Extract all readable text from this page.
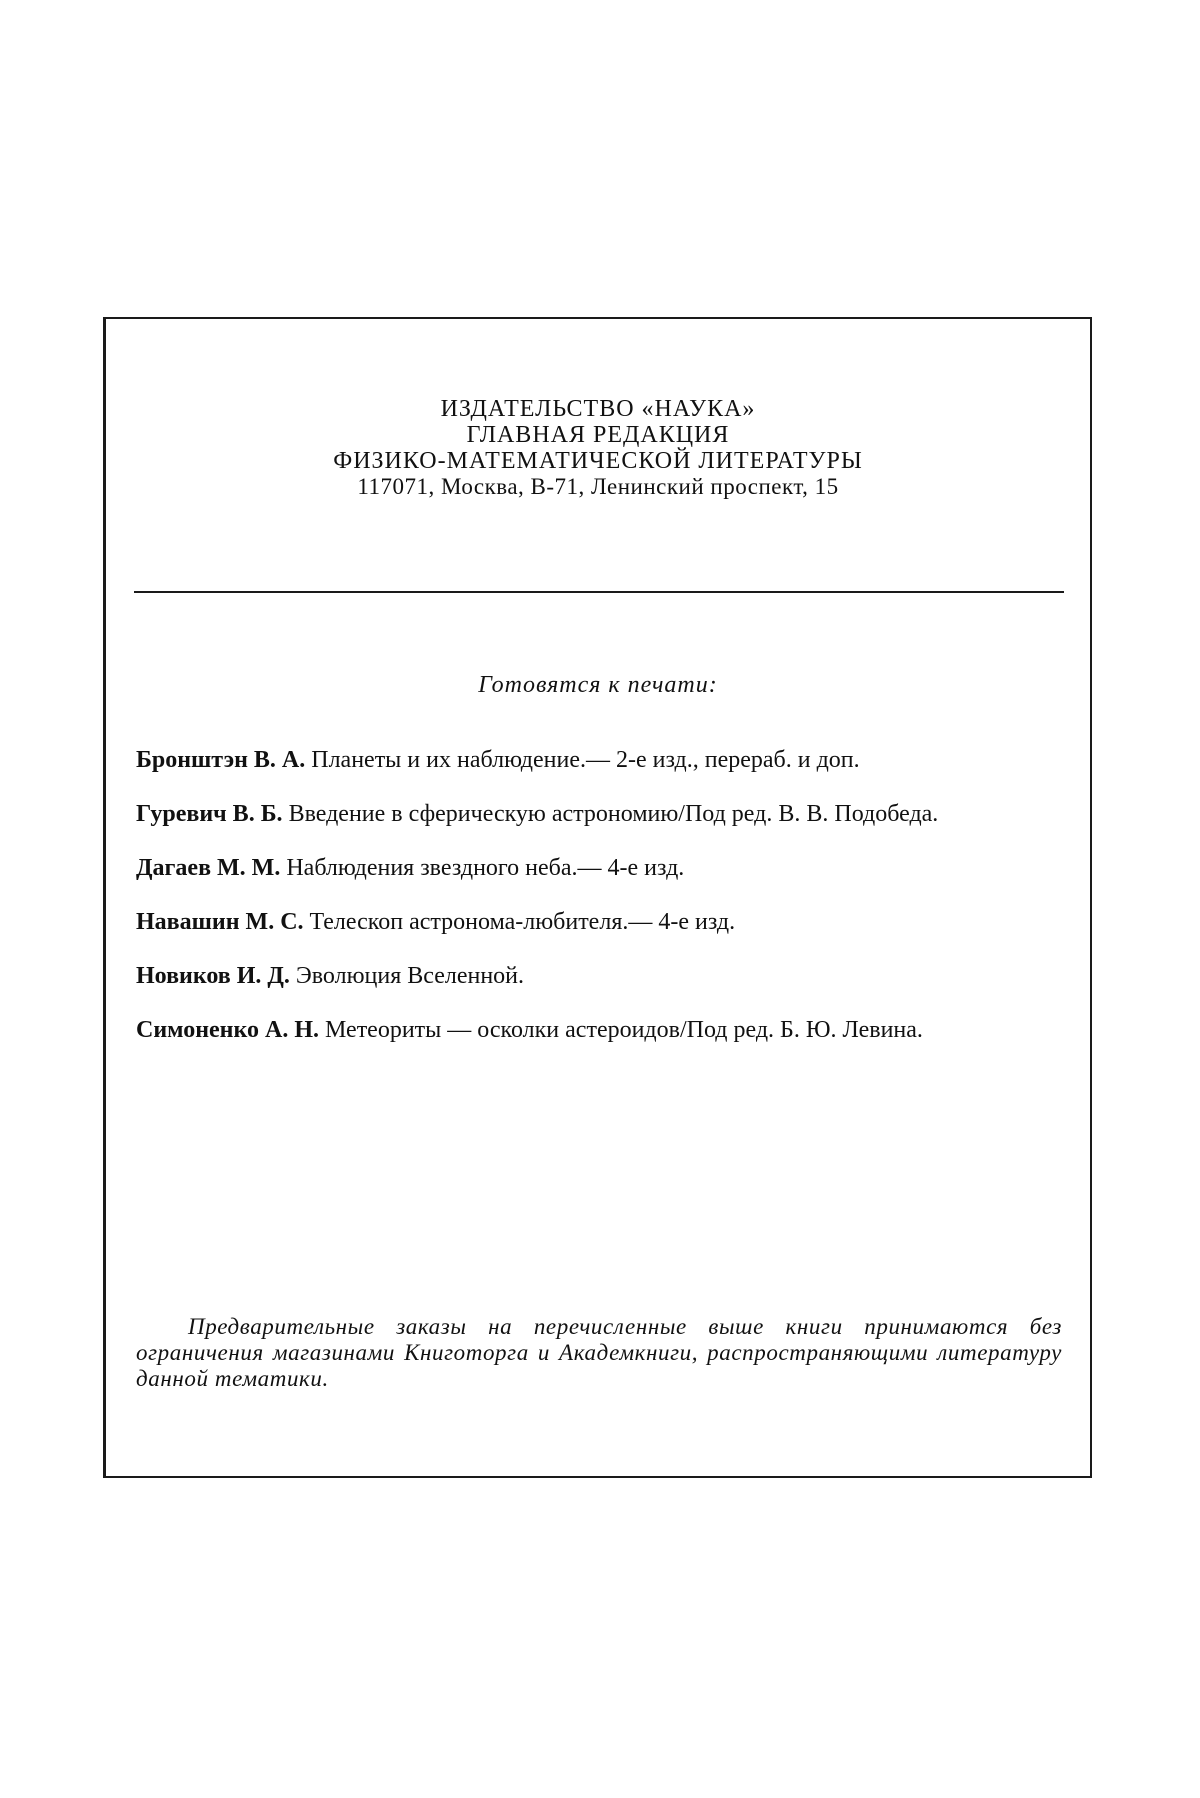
ИЗДАТЕЛЬСТВО «НАУКА»
ГЛАВНАЯ РЕДАКЦИЯ
ФИЗИКО-МАТЕМАТИЧЕСКОЙ ЛИТЕРАТУРЫ
117071, Москва, В-71, Ленинский проспект, 15
Готовятся к печати:
Бронштэн В. А. Планеты и их наблюдение.— 2-е изд., перераб. и доп.
Гуревич В. Б. Введение в сферическую астрономию/Под ред. В. В. Подобеда.
Дагаев М. М. Наблюдения звездного неба.— 4-е изд.
Навашин М. С. Телескоп астронома-любителя.— 4-е изд.
Новиков И. Д. Эволюция Вселенной.
Симоненко А. Н. Метеориты — осколки астероидов/Под ред. Б. Ю. Левина.
Предварительные заказы на перечисленные выше книги принимаются без ограничения магазинами Книготорга и Академкниги, распространяющими литературу данной тематики.
